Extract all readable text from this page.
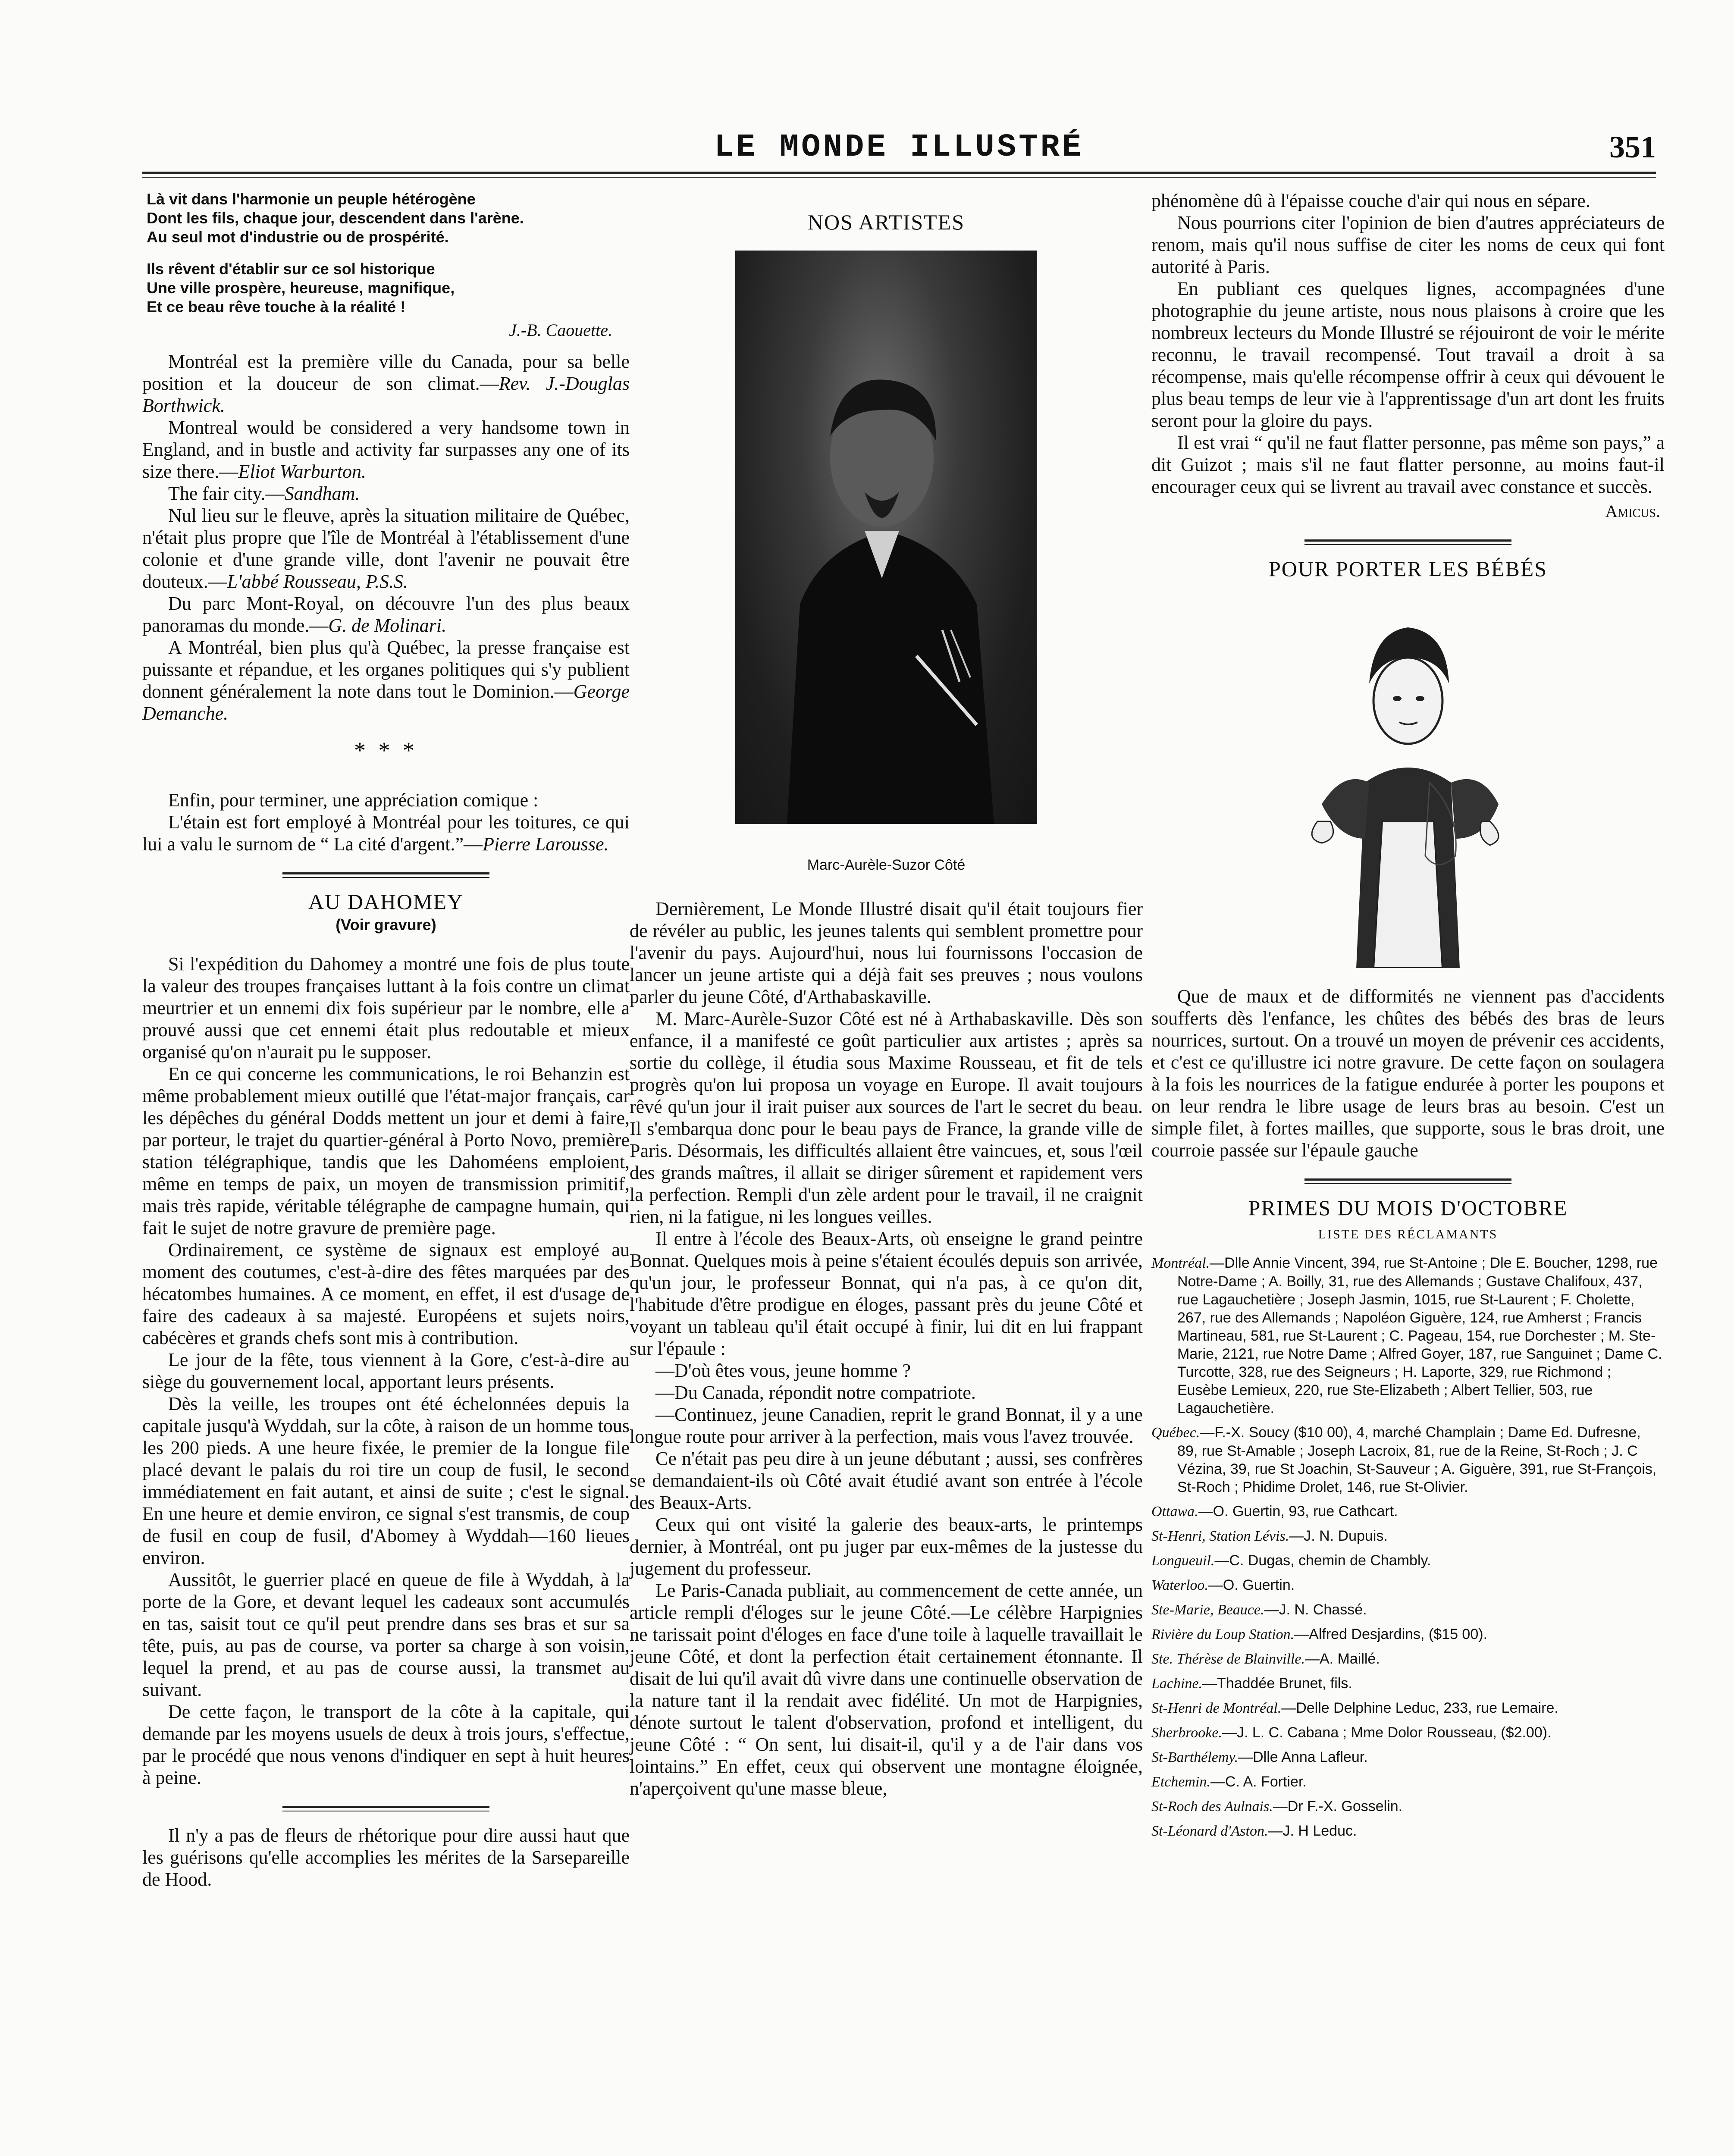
LE MONDE ILLUSTRÉ	351
Là vit dans l'harmonie un peuple hétérogène
Dont les fils, chaque jour, descendent dans l'arène.
Au seul mot d'industrie ou de prospérité.
Ils rêvent d'établir sur ce sol historique
Une ville prospère, heureuse, magnifique,
Et ce beau rêve touche à la réalité !
J.-B. Caouette.

Montréal est la première ville du Canada, pour sa belle position et la douceur de son climat.—Rev. J.-Douglas Borthwick.

Montreal would be considered a very handsome town in England, and in bustle and activity far surpasses any one of its size there.—Eliot Warburton.

The fair city.—Sandham.

Nul lieu sur le fleuve, après la situation militaire de Québec, n'était plus propre que l'île de Montréal à l'établissement d'une colonie et d'une grande ville, dont l'avenir ne pouvait être douteux.—L'abbé Rousseau, P.S.S.

Du parc Mont-Royal, on découvre l'un des plus beaux panoramas du monde.—G. de Molinari.

A Montréal, bien plus qu'à Québec, la presse française est puissante et répandue, et les organes politiques qui s'y publient donnent généralement la note dans tout le Dominion.—George Demanche.

* * *

Enfin, pour terminer, une appréciation comique :

L'étain est fort employé à Montréal pour les toitures, ce qui lui a valu le surnom de “ La cité d'argent.”—Pierre Larousse.

AU DAHOMEY
(Voir gravure)

Si l'expédition du Dahomey a montré une fois de plus toute la valeur des troupes françaises luttant à la fois contre un climat meurtrier et un ennemi dix fois supérieur par le nombre, elle a prouvé aussi que cet ennemi était plus redoutable et mieux organisé qu'on n'aurait pu le supposer.

En ce qui concerne les communications, le roi Behanzin est même probablement mieux outillé que l'état-major français, car les dépêches du général Dodds mettent un jour et demi à faire, par porteur, le trajet du quartier-général à Porto Novo, première station télégraphique, tandis que les Dahoméens emploient, même en temps de paix, un moyen de transmission primitif, mais très rapide, véritable télégraphe de campagne humain, qui fait le sujet de notre gravure de première page.

Ordinairement, ce système de signaux est employé au moment des coutumes, c'est-à-dire des fêtes marquées par des hécatombes humaines. A ce moment, en effet, il est d'usage de faire des cadeaux à sa majesté. Européens et sujets noirs, cabécères et grands chefs sont mis à contribution.

Le jour de la fête, tous viennent à la Gore, c'est-à-dire au siège du gouvernement local, apportant leurs présents.

Dès la veille, les troupes ont été échelonnées depuis la capitale jusqu'à Wyddah, sur la côte, à raison de un homme tous les 200 pieds. A une heure fixée, le premier de la longue file placé devant le palais du roi tire un coup de fusil, le second immédiatement en fait autant, et ainsi de suite ; c'est le signal. En une heure et demie environ, ce signal s'est transmis, de coup de fusil en coup de fusil, d'Abomey à Wyddah—160 lieues environ.

Aussitôt, le guerrier placé en queue de file à Wyddah, à la porte de la Gore, et devant lequel les cadeaux sont accumulés en tas, saisit tout ce qu'il peut prendre dans ses bras et sur sa tête, puis, au pas de course, va porter sa charge à son voisin, lequel la prend, et au pas de course aussi, la transmet au suivant.

De cette façon, le transport de la côte à la capitale, qui demande par les moyens usuels de deux à trois jours, s'effectue, par le procédé que nous venons d'indiquer en sept à huit heures à peine.

Il n'y a pas de fleurs de rhétorique pour dire aussi haut que les guérisons qu'elle accomplies les mérites de la Sarsepareille de Hood.

NOS ARTISTES
Marc-Aurèle-Suzor Côté

Dernièrement, Le Monde Illustré disait qu'il était toujours fier de révéler au public, les jeunes talents qui semblent promettre pour l'avenir du pays. Aujourd'hui, nous lui fournissons l'occasion de lancer un jeune artiste qui a déjà fait ses preuves ; nous voulons parler du jeune Côté, d'Arthabaskaville.

M. Marc-Aurèle-Suzor Côté est né à Arthabaskaville. Dès son enfance, il a manifesté ce goût particulier aux artistes ; après sa sortie du collège, il étudia sous Maxime Rousseau, et fit de tels progrès qu'on lui proposa un voyage en Europe. Il avait toujours rêvé qu'un jour il irait puiser aux sources de l'art le secret du beau. Il s'embarqua donc pour le beau pays de France, la grande ville de Paris. Désormais, les difficultés allaient être vaincues, et, sous l'œil des grands maîtres, il allait se diriger sûrement et rapidement vers la perfection. Rempli d'un zèle ardent pour le travail, il ne craignit rien, ni la fatigue, ni les longues veilles.

Il entre à l'école des Beaux-Arts, où enseigne le grand peintre Bonnat. Quelques mois à peine s'étaient écoulés depuis son arrivée, qu'un jour, le professeur Bonnat, qui n'a pas, à ce qu'on dit, l'habitude d'être prodigue en éloges, passant près du jeune Côté et voyant un tableau qu'il était occupé à finir, lui dit en lui frappant sur l'épaule :

—D'où êtes vous, jeune homme ?

—Du Canada, répondit notre compatriote.

—Continuez, jeune Canadien, reprit le grand Bonnat, il y a une longue route pour arriver à la perfection, mais vous l'avez trouvée.

Ce n'était pas peu dire à un jeune débutant ; aussi, ses confrères se demandaient-ils où Côté avait étudié avant son entrée à l'école des Beaux-Arts.

Ceux qui ont visité la galerie des beaux-arts, le printemps dernier, à Montréal, ont pu juger par eux-mêmes de la justesse du jugement du professeur.

Le Paris-Canada publiait, au commencement de cette année, un article rempli d'éloges sur le jeune Côté.—Le célèbre Harpignies ne tarissait point d'éloges en face d'une toile à laquelle travaillait le jeune Côté, et dont la perfection était certainement étonnante. Il disait de lui qu'il avait dû vivre dans une continuelle observation de la nature tant il la rendait avec fidélité. Un mot de Harpignies, dénote surtout le talent d'observation, profond et intelligent, du jeune Côté : “ On sent, lui disait-il, qu'il y a de l'air dans vos lointains.” En effet, ceux qui observent une montagne éloignée, n'aperçoivent qu'une masse bleue,

phénomène dû à l'épaisse couche d'air qui nous en sépare.

Nous pourrions citer l'opinion de bien d'autres appréciateurs de renom, mais qu'il nous suffise de citer les noms de ceux qui font autorité à Paris.

En publiant ces quelques lignes, accompagnées d'une photographie du jeune artiste, nous nous plaisons à croire que les nombreux lecteurs du Monde Illustré se réjouiront de voir le mérite reconnu, le travail recompensé. Tout travail a droit à sa récompense, mais qu'elle récompense offrir à ceux qui dévouent le plus beau temps de leur vie à l'apprentissage d'un art dont les fruits seront pour la gloire du pays.

Il est vrai “ qu'il ne faut flatter personne, pas même son pays,” a dit Guizot ; mais s'il ne faut flatter personne, au moins faut-il encourager ceux qui se livrent au travail avec constance et succès.

Amicus.
POUR PORTER LES BÉBÉS

Que de maux et de difformités ne viennent pas d'accidents soufferts dès l'enfance, les chûtes des bébés des bras de leurs nourrices, surtout. On a trouvé un moyen de prévenir ces accidents, et c'est ce qu'illustre ici notre gravure. De cette façon on soulagera à la fois les nourrices de la fatigue endurée à porter les poupons et on leur rendra le libre usage de leurs bras au besoin. C'est un simple filet, à fortes mailles, que supporte, sous le bras droit, une courroie passée sur l'épaule gauche

PRIMES DU MOIS D'OCTOBRE
LISTE DES RÉCLAMANTS
Montréal.—Dlle Annie Vincent, 394, rue St-Antoine ; Dle E. Boucher, 1298, rue Notre-Dame ; A. Boilly, 31, rue des Allemands ; Gustave Chalifoux, 437, rue Lagauchetière ; Joseph Jasmin, 1015, rue St-Laurent ; F. Cholette, 267, rue des Allemands ; Napoléon Giguère, 124, rue Amherst ; Francis Martineau, 581, rue St-Laurent ; C. Pageau, 154, rue Dorchester ; M. Ste-Marie, 2121, rue Notre Dame ; Alfred Goyer, 187, rue Sanguinet ; Dame C. Turcotte, 328, rue des Seigneurs ; H. Laporte, 329, rue Richmond ; Eusèbe Lemieux, 220, rue Ste-Elizabeth ; Albert Tellier, 503, rue Lagauchetière.
Québec.—F.-X. Soucy ($10 00), 4, marché Champlain ; Dame Ed. Dufresne, 89, rue St-Amable ; Joseph Lacroix, 81, rue de la Reine, St-Roch ; J. C Vézina, 39, rue St Joachin, St-Sauveur ; A. Giguère, 391, rue St-François, St-Roch ; Phidime Drolet, 146, rue St-Olivier.
Ottawa.—O. Guertin, 93, rue Cathcart.
St-Henri, Station Lévis.—J. N. Dupuis.
Longueuil.—C. Dugas, chemin de Chambly.
Waterloo.—O. Guertin.
Ste-Marie, Beauce.—J. N. Chassé.
Rivière du Loup Station.—Alfred Desjardins, ($15 00).
Ste. Thérèse de Blainville.—A. Maillé.
Lachine.—Thaddée Brunet, fils.
St-Henri de Montréal.—Delle Delphine Leduc, 233, rue Lemaire.
Sherbrooke.—J. L. C. Cabana ; Mme Dolor Rousseau, ($2.00).
St-Barthélemy.—Dlle Anna Lafleur.
Etchemin.—C. A. Fortier.
St-Roch des Aulnais.—Dr F.-X. Gosselin.
St-Léonard d'Aston.—J. H Leduc.
